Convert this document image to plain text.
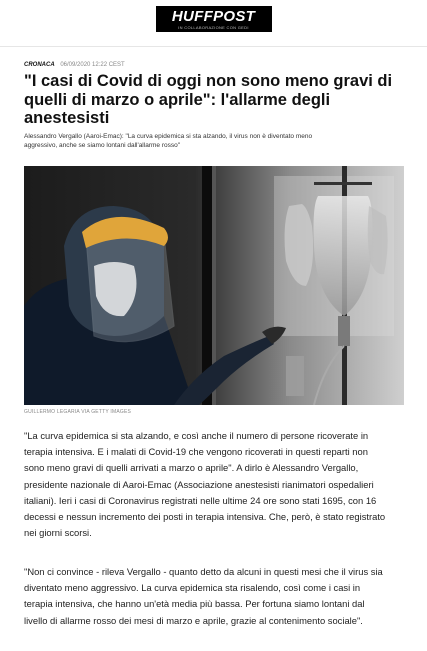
HUFFPOST
IN COLLABORAZIONE CON GEDI
CRONACA 06/09/2020 12:22 CEST
"I casi di Covid di oggi non sono meno gravi di quelli di marzo o aprile": l'allarme degli anestesisti

Alessandro Vergallo (Aaroi-Emac): "La curva epidemica si sta alzando, il virus non è diventato meno aggressivo, anche se siamo lontani dall'allarme rosso"

GUILLERMO LEGARIA VIA GETTY IMAGES

"La curva epidemica si sta alzando, e così anche il numero di persone ricoverate in terapia intensiva. E i malati di Covid-19 che vengono ricoverati in questi reparti non sono meno gravi di quelli arrivati a marzo o aprile". A dirlo è Alessandro Vergallo, presidente nazionale di Aaroi-Emac (Associazione anestesisti rianimatori ospedalieri italiani). Ieri i casi di Coronavirus registrati nelle ultime 24 ore sono stati 1695, con 16 decessi e nessun incremento dei posti in terapia intensiva. Che, però, è stato registrato nei giorni scorsi.

"Non ci convince - rileva Vergallo - quanto detto da alcuni in questi mesi che il virus sia diventato meno aggressivo. La curva epidemica sta risalendo, così come i casi in terapia intensiva, che hanno un'età media più bassa. Per fortuna siamo lontani dal livello di allarme rosso dei mesi di marzo e aprile, grazie al contenimento sociale".
